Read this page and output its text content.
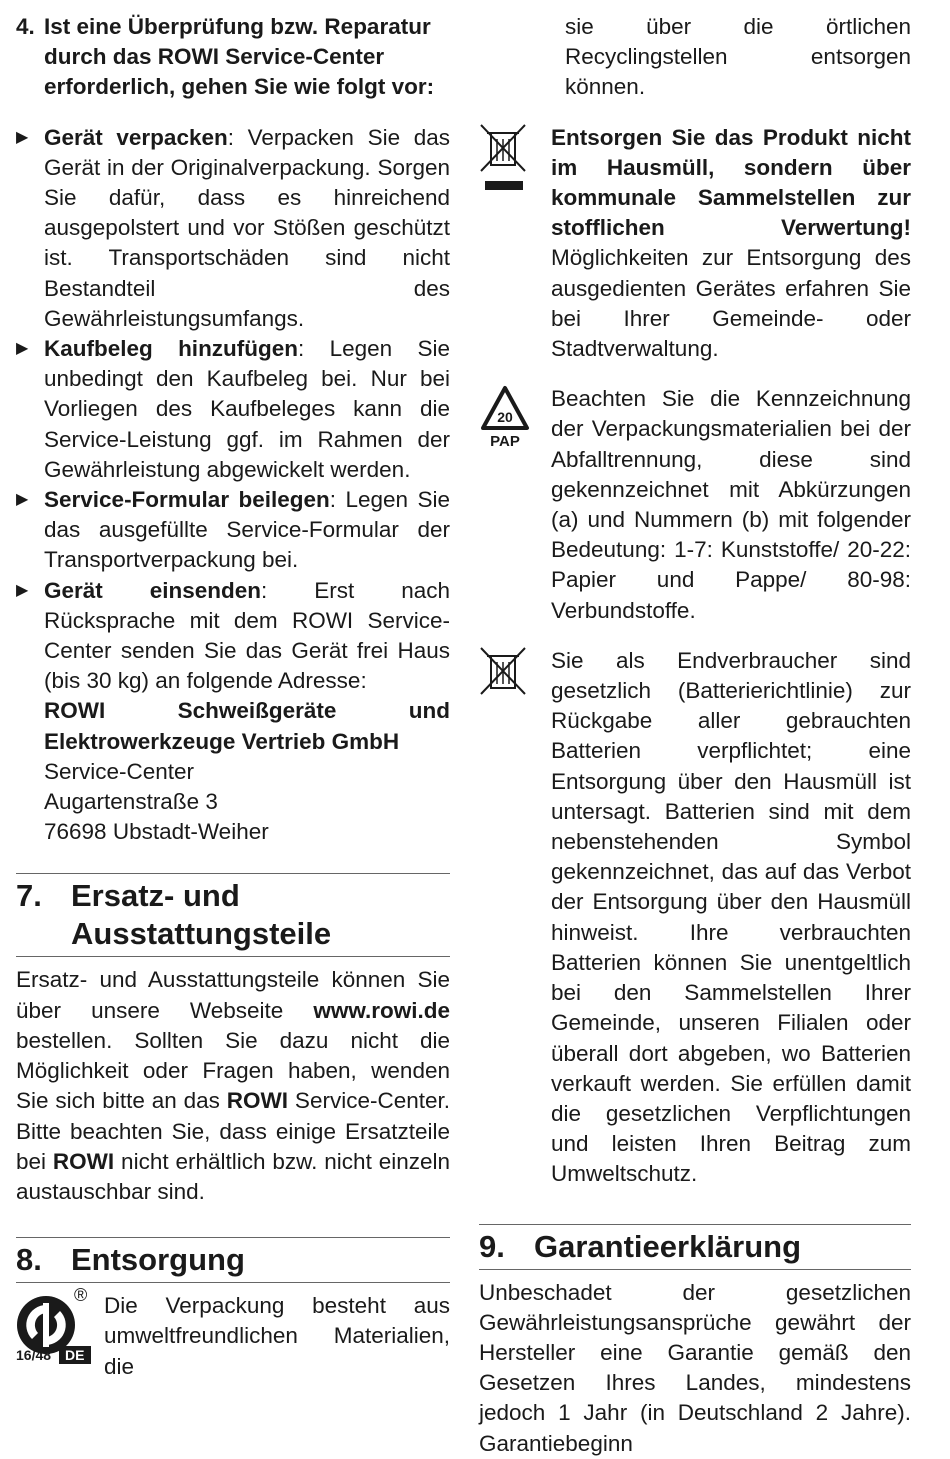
4. Ist eine Überprüfung bzw. Reparatur durch das ROWI Service-Center erforderlich, gehen Sie wie folgt vor:
▶ Gerät verpacken: Verpacken Sie das Gerät in der Originalverpackung. Sorgen Sie dafür, dass es hinreichend ausgepolstert und vor Stößen geschützt ist. Transportschäden sind nicht Bestandteil des Gewährleistungsumfangs.
▶ Kaufbeleg hinzufügen: Legen Sie unbedingt den Kaufbeleg bei. Nur bei Vorliegen des Kaufbeleges kann die Service-Leistung ggf. im Rahmen der Gewährleistung abgewickelt werden.
▶ Service-Formular beilegen: Legen Sie das ausgefüllte Service-Formular der Transportverpackung bei.
▶ Gerät einsenden: Erst nach Rücksprache mit dem ROWI Service-Center senden Sie das Gerät frei Haus (bis 30 kg) an folgende Adresse:
ROWI Schweißgeräte und Elektrowerkzeuge Vertrieb GmbH
Service-Center
Augartenstraße 3
76698 Ubstadt-Weiher
7. Ersatz- und Ausstattungsteile
Ersatz- und Ausstattungsteile können Sie über unsere Webseite www.rowi.de bestellen. Sollten Sie dazu nicht die Möglichkeit oder Fragen haben, wenden Sie sich bitte an das ROWI Service-Center. Bitte beachten Sie, dass einige Ersatzteile bei ROWI nicht erhältlich bzw. nicht einzeln austauschbar sind.
8. Entsorgung
® Die Verpackung besteht aus umweltfreundlichen Materialien, die
sie über die örtlichen Recyclingstellen entsorgen können.
Entsorgen Sie das Produkt nicht im Hausmüll, sondern über kommunale Sammelstellen zur stofflichen Verwertung! Möglichkeiten zur Entsorgung des ausgedienten Gerätes erfahren Sie bei Ihrer Gemeinde- oder Stadtverwaltung.
20
PAP
Beachten Sie die Kennzeichnung der Verpackungsmaterialien bei der Abfalltrennung, diese sind gekennzeichnet mit Abkürzungen (a) und Nummern (b) mit folgender Bedeutung: 1-7: Kunststoffe/ 20-22: Papier und Pappe/ 80-98: Verbundstoffe.
Sie als Endverbraucher sind gesetzlich (Batterierichtlinie) zur Rückgabe aller gebrauchten Batterien verpflichtet; eine Entsorgung über den Hausmüll ist untersagt. Batterien sind mit dem nebenstehenden Symbol gekennzeichnet, das auf das Verbot der Entsorgung über den Hausmüll hinweist. Ihre verbrauchten Batterien können Sie unentgeltlich bei den Sammelstellen Ihrer Gemeinde, unseren Filialen oder überall dort abgeben, wo Batterien verkauft werden. Sie erfüllen damit die gesetzlichen Verpflichtungen und leisten Ihren Beitrag zum Umweltschutz.
9. Garantieerklärung
Unbeschadet der gesetzlichen Gewährleistungsansprüche gewährt der Hersteller eine Garantie gemäß den Gesetzen Ihres Landes, mindestens jedoch 1 Jahr (in Deutschland 2 Jahre). Garantiebeginn
16/48	DE
